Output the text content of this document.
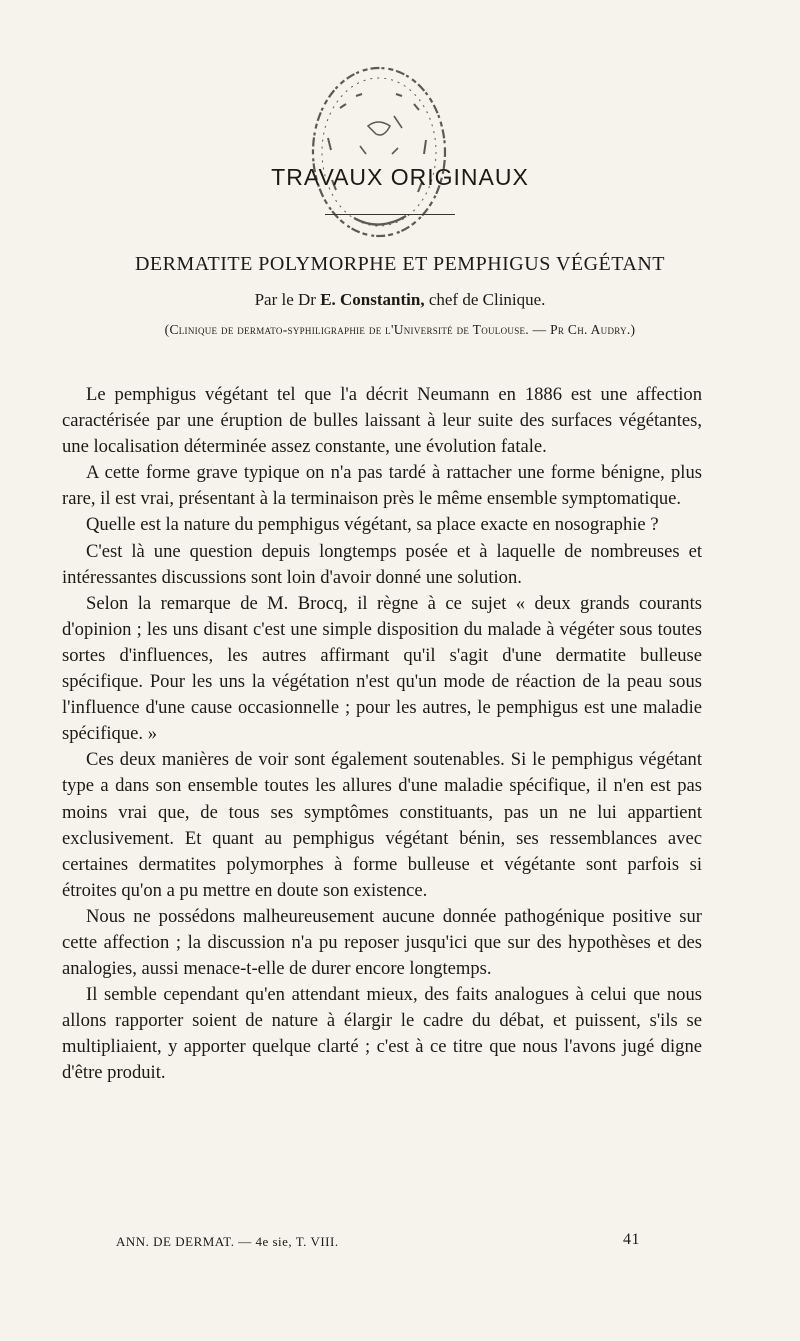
TRAVAUX ORIGINAUX
DERMATITE POLYMORPHE ET PEMPHIGUS VÉGÉTANT
Par le Dr E. Constantin, chef de Clinique.
(Clinique de dermato-syphiligraphie de l'Université de Toulouse. — Pr Ch. Audry.)

Le pemphigus végétant tel que l'a décrit Neumann en 1886 est une affection caractérisée par une éruption de bulles laissant à leur suite des surfaces végétantes, une localisation déterminée assez constante, une évolution fatale.

A cette forme grave typique on n'a pas tardé à rattacher une forme bénigne, plus rare, il est vrai, présentant à la terminaison près le même ensemble symptomatique.

Quelle est la nature du pemphigus végétant, sa place exacte en nosographie ?

C'est là une question depuis longtemps posée et à laquelle de nombreuses et intéressantes discussions sont loin d'avoir donné une solution.

Selon la remarque de M. Brocq, il règne à ce sujet « deux grands courants d'opinion ; les uns disant c'est une simple disposition du malade à végéter sous toutes sortes d'influences, les autres affirmant qu'il s'agit d'une dermatite bulleuse spécifique. Pour les uns la végétation n'est qu'un mode de réaction de la peau sous l'influence d'une cause occasionnelle ; pour les autres, le pemphigus est une maladie spécifique. »

Ces deux manières de voir sont également soutenables. Si le pemphigus végétant type a dans son ensemble toutes les allures d'une maladie spécifique, il n'en est pas moins vrai que, de tous ses symptômes constituants, pas un ne lui appartient exclusivement. Et quant au pemphigus végétant bénin, ses ressemblances avec certaines dermatites polymorphes à forme bulleuse et végétante sont parfois si étroites qu'on a pu mettre en doute son existence.

Nous ne possédons malheureusement aucune donnée pathogénique positive sur cette affection ; la discussion n'a pu reposer jusqu'ici que sur des hypothèses et des analogies, aussi menace-t-elle de durer encore longtemps.

Il semble cependant qu'en attendant mieux, des faits analogues à celui que nous allons rapporter soient de nature à élargir le cadre du débat, et puissent, s'ils se multipliaient, y apporter quelque clarté ; c'est à ce titre que nous l'avons jugé digne d'être produit.

ANN. DE DERMAT. — 4e sie, T. VIII.	41
